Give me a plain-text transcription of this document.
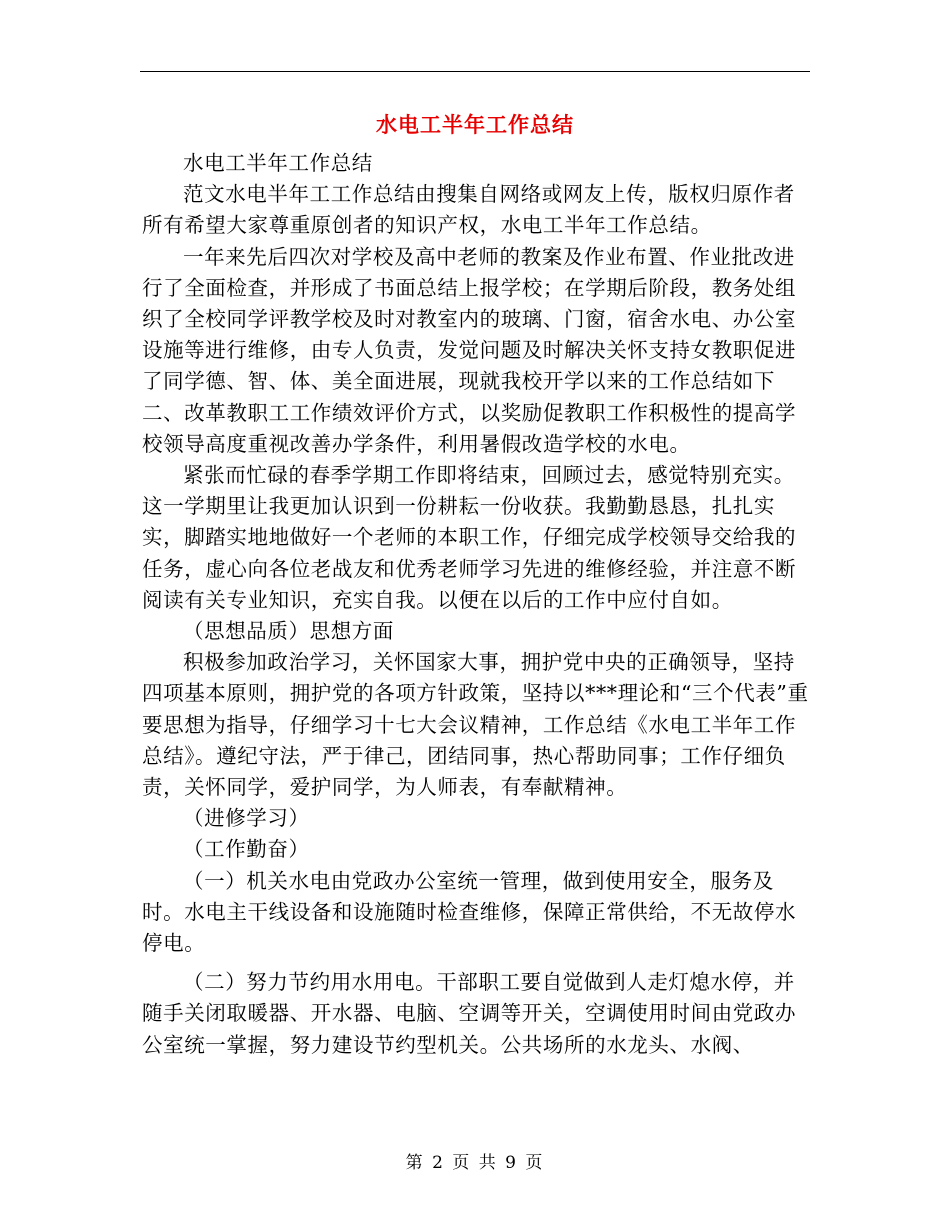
水电工半年工作总结

水电工半年工作总结

范文水电半年工工作总结由搜集自网络或网友上传，版权归原作者所有希望大家尊重原创者的知识产权，水电工半年工作总结。

一年来先后四次对学校及高中老师的教案及作业布置、作业批改进行了全面检查，并形成了书面总结上报学校；在学期后阶段，教务处组织了全校同学评教学校及时对教室内的玻璃、门窗，宿舍水电、办公室设施等进行维修，由专人负责，发觉问题及时解决关怀支持女教职促进了同学德、智、体、美全面进展，现就我校开学以来的工作总结如下二、改革教职工工作绩效评价方式，以奖励促教职工作积极性的提高学校领导高度重视改善办学条件，利用暑假改造学校的水电。

紧张而忙碌的春季学期工作即将结束，回顾过去，感觉特别充实。这一学期里让我更加认识到一份耕耘一份收获。我勤勤恳恳，扎扎实实，脚踏实地地做好一个老师的本职工作，仔细完成学校领导交给我的任务，虚心向各位老战友和优秀老师学习先进的维修经验，并注意不断阅读有关专业知识，充实自我。以便在以后的工作中应付自如。

（思想品质）思想方面

积极参加政治学习，关怀国家大事，拥护党中央的正确领导，坚持四项基本原则，拥护党的各项方针政策，坚持以***理论和“三个代表”重要思想为指导，仔细学习十七大会议精神，工作总结《水电工半年工作总结》。遵纪守法，严于律己，团结同事，热心帮助同事；工作仔细负责，关怀同学，爱护同学，为人师表，有奉献精神。

（进修学习）

（工作勤奋）

（一）机关水电由党政办公室统一管理，做到使用安全，服务及时。水电主干线设备和设施随时检查维修，保障正常供给，不无故停水停电。

（二）努力节约用水用电。干部职工要自觉做到人走灯熄水停，并随手关闭取暖器、开水器、电脑、空调等开关，空调使用时间由党政办公室统一掌握，努力建设节约型机关。公共场所的水龙头、水阀、

第 2 页 共 9 页
